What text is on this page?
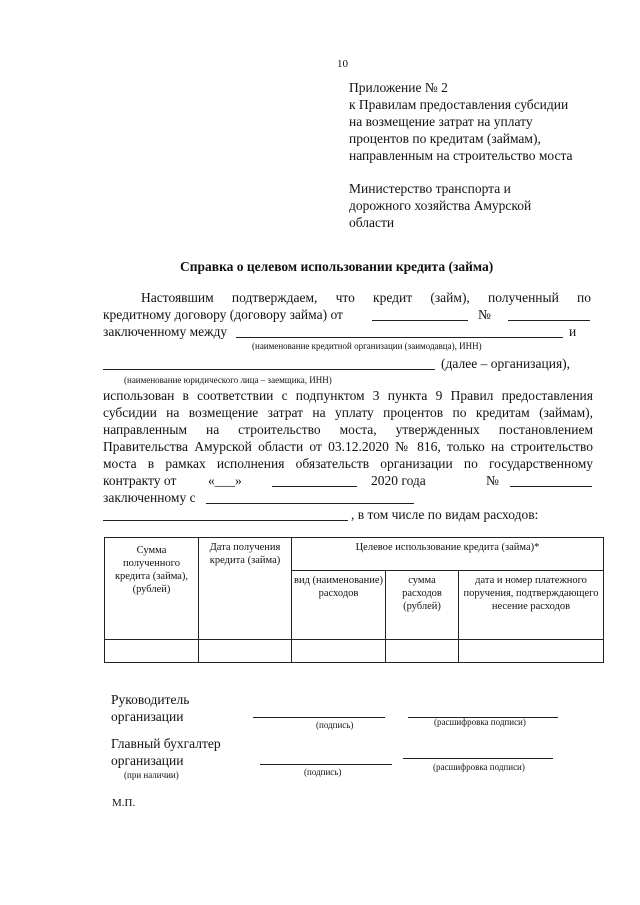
10
Приложение № 2
к Правилам предоставления субсидии
на возмещение затрат на уплату
процентов по кредитам (займам),
направленным на строительство моста
Министерство транспорта и
дорожного хозяйства Амурской
области
Справка о целевом использовании кредита (займа)
Настоявшим подтверждаем, что кредит (займ), полученный по
кредитному договору (договору займа) от	№
заключенному между	и
(наименование кредитной организации (заимодавца), ИНН)
(далее – организация),
(наименование юридического лица – заемщика, ИНН)
использован в соответствии с подпунктом 3 пункта 9 Правил предоставления
субсидии на возмещение затрат на уплату процентов по кредитам (займам),
направленным на строительство моста, утвержденных постановлением
Правительства Амурской области от 03.12.2020 № 816, только на строительство
моста в рамках исполнения обязательств организации по государственному
контракту от «___»	2020 года	№
заключенному с
, в том числе по видам расходов:
Сумма полученного кредита (займа), (рублей)	Дата получения кредита (займа)	Целевое использование кредита (займа)*		
		вид (наименование) расходов	сумма расходов (рублей)	дата и номер платежного поручения, подтверждающего несение расходов

Руководитель
организации
(подпись)	(расшифровка подписи)
Главный бухгалтер
организации
(при наличии)	(подпись)	(расшифровка подписи)
М.П.
